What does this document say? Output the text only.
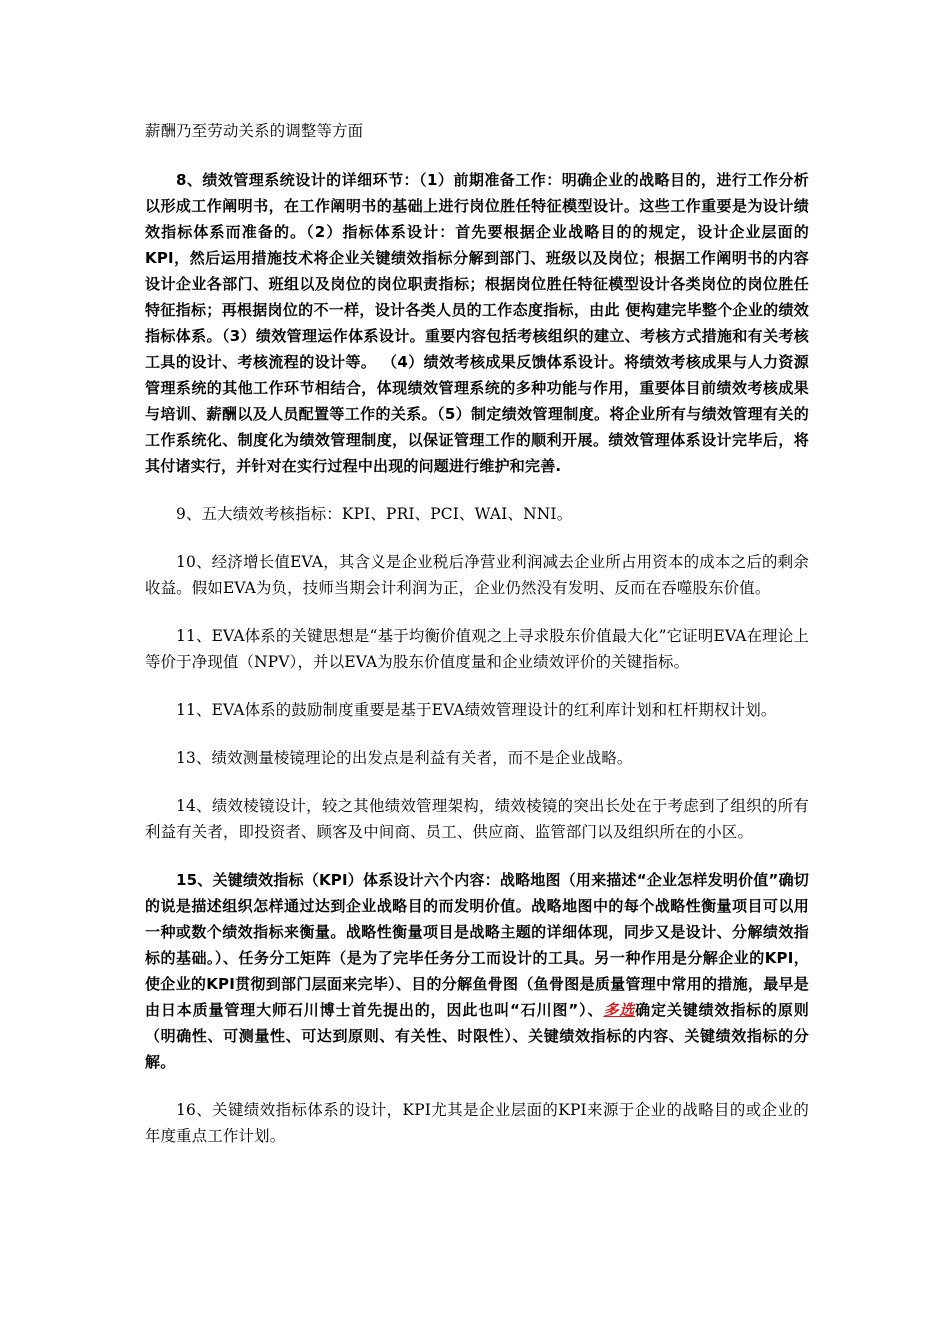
薪酬乃至劳动关系的调整等方面

8、绩效管理系统设计的详细环节：（1）前期准备工作：明确企业的战略目的，进行工作分析以形成工作阐明书，在工作阐明书的基础上进行岗位胜任特征模型设计。这些工作重要是为设计绩效指标体系而准备的。（2）指标体系设计：首先要根据企业战略目的的规定，设计企业层面的KPI，然后运用措施技术将企业关键绩效指标分解到部门、班级以及岗位；根据工作阐明书的内容设计企业各部门、班组以及岗位的岗位职责指标；根据岗位胜任特征模型设计各类岗位的岗位胜任特征指标；再根据岗位的不一样，设计各类人员的工作态度指标，由此 便构建完毕整个企业的绩效指标体系。（3）绩效管理运作体系设计。重要内容包括考核组织的建立、考核方式措施和有关考核工具的设计、考核流程的设计等。 （4）绩效考核成果反馈体系设计。将绩效考核成果与人力资源管理系统的其他工作环节相结合，体现绩效管理系统的多种功能与作用，重要体目前绩效考核成果与培训、薪酬以及人员配置等工作的关系。（5）制定绩效管理制度。将企业所有与绩效管理有关的工作系统化、制度化为绩效管理制度，以保证管理工作的顺利开展。绩效管理体系设计完毕后，将其付诸实行，并针对在实行过程中出现的问题进行维护和完善.

9、五大绩效考核指标：KPI、PRI、PCI、WAI、NNI。

10、经济增长值EVA，其含义是企业税后净营业利润减去企业所占用资本的成本之后的剩余收益。假如EVA为负，技师当期会计利润为正，企业仍然没有发明、反而在吞噬股东价值。

11、EVA体系的关键思想是“基于均衡价值观之上寻求股东价值最大化”它证明EVA在理论上等价于净现值（NPV），并以EVA为股东价值度量和企业绩效评价的关键指标。

11、EVA体系的鼓励制度重要是基于EVA绩效管理设计的红利库计划和杠杆期权计划。

13、绩效测量棱镜理论的出发点是利益有关者，而不是企业战略。

14、绩效棱镜设计，较之其他绩效管理架构，绩效棱镜的突出长处在于考虑到了组织的所有利益有关者，即投资者、顾客及中间商、员工、供应商、监管部门以及组织所在的小区。

15、关键绩效指标（KPI）体系设计六个内容：战略地图（用来描述“企业怎样发明价值”确切的说是描述组织怎样通过达到企业战略目的而发明价值。战略地图中的每个战略性衡量项目可以用一种或数个绩效指标来衡量。战略性衡量项目是战略主题的详细体现，同步又是设计、分解绩效指标的基础。）、任务分工矩阵（是为了完毕任务分工而设计的工具。另一种作用是分解企业的KPI，使企业的KPI贯彻到部门层面来完毕）、目的分解鱼骨图（鱼骨图是质量管理中常用的措施，最早是由日本质量管理大师石川博士首先提出的，因此也叫“石川图”）、多选确定关键绩效指标的原则（明确性、可测量性、可达到原则、有关性、时限性）、关键绩效指标的内容、关键绩效指标的分解。

16、关键绩效指标体系的设计，KPI尤其是企业层面的KPI来源于企业的战略目的或企业的年度重点工作计划。
